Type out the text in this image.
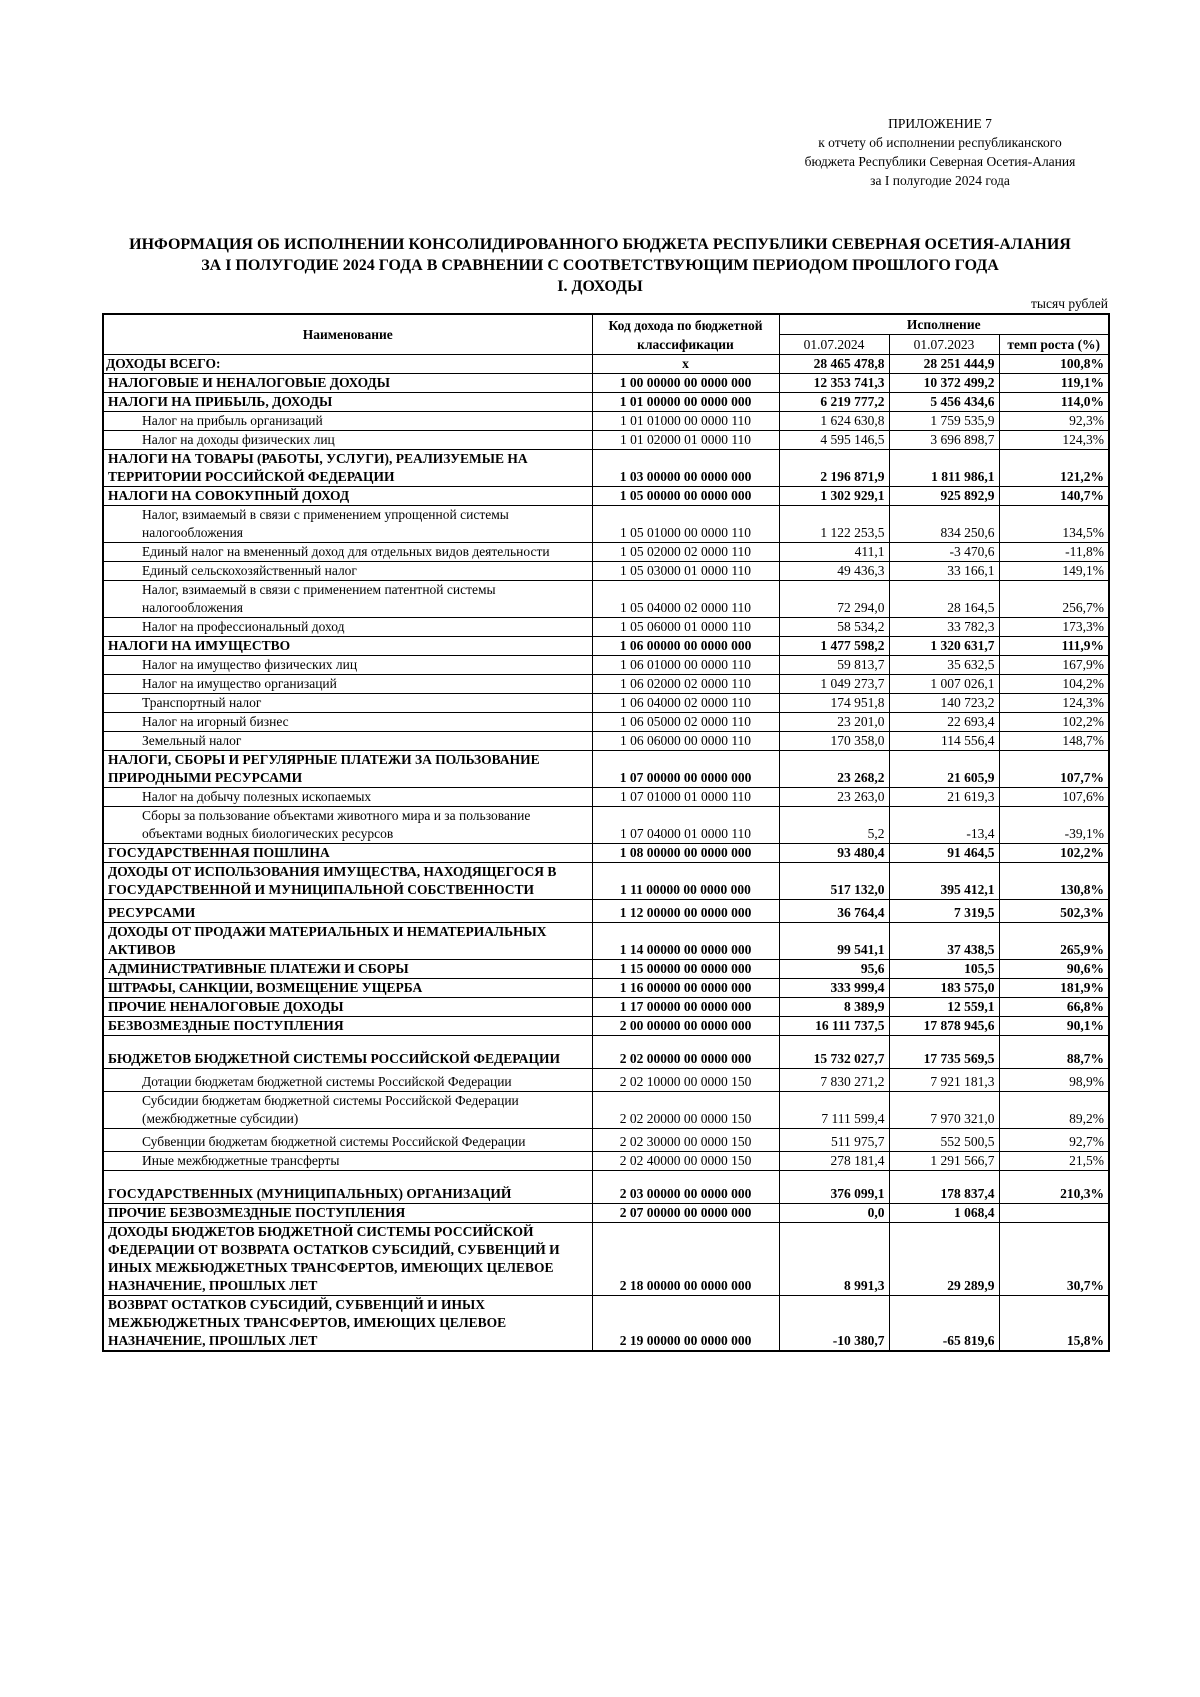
ПРИЛОЖЕНИЕ 7
к отчету об исполнении республиканского
бюджета Республики Северная Осетия-Алания
за I полугодие 2024 года
ИНФОРМАЦИЯ ОБ ИСПОЛНЕНИИ КОНСОЛИДИРОВАННОГО БЮДЖЕТА РЕСПУБЛИКИ СЕВЕРНАЯ ОСЕТИЯ-АЛАНИЯ
ЗА I ПОЛУГОДИЕ 2024 ГОДА В СРАВНЕНИИ С СООТВЕТСТВУЮЩИМ ПЕРИОДОМ ПРОШЛОГО ГОДА
I. ДОХОДЫ
тысяч рублей
Наименование	Код дохода по бюджетной классификации	Исполнение		
		01.07.2024	01.07.2023	темп роста (%)
ДОХОДЫ ВСЕГО:	x	28 465 478,8	28 251 444,9	100,8%
НАЛОГОВЫЕ И НЕНАЛОГОВЫЕ ДОХОДЫ	1 00 00000 00 0000 000	12 353 741,3	10 372 499,2	119,1%
НАЛОГИ НА ПРИБЫЛЬ, ДОХОДЫ	1 01 00000 00 0000 000	6 219 777,2	5 456 434,6	114,0%
Налог на прибыль организаций	1 01 01000 00 0000 110	1 624 630,8	1 759 535,9	92,3%
Налог на доходы физических лиц	1 01 02000 01 0000 110	4 595 146,5	3 696 898,7	124,3%
НАЛОГИ НА ТОВАРЫ (РАБОТЫ, УСЛУГИ), РЕАЛИЗУЕМЫЕ НА ТЕРРИТОРИИ РОССИЙСКОЙ ФЕДЕРАЦИИ	1 03 00000 00 0000 000	2 196 871,9	1 811 986,1	121,2%
НАЛОГИ НА СОВОКУПНЫЙ ДОХОД	1 05 00000 00 0000 000	1 302 929,1	925 892,9	140,7%
Налог, взимаемый в связи с применением упрощенной системы налогообложения	1 05 01000 00 0000 110	1 122 253,5	834 250,6	134,5%
Единый налог на вмененный доход для отдельных видов деятельности	1 05 02000 02 0000 110	411,1	-3 470,6	-11,8%
Единый сельскохозяйственный налог	1 05 03000 01 0000 110	49 436,3	33 166,1	149,1%
Налог, взимаемый в связи с применением патентной системы налогообложения	1 05 04000 02 0000 110	72 294,0	28 164,5	256,7%
Налог на профессиональный доход	1 05 06000 01 0000 110	58 534,2	33 782,3	173,3%
НАЛОГИ НА ИМУЩЕСТВО	1 06 00000 00 0000 000	1 477 598,2	1 320 631,7	111,9%
Налог на имущество физических лиц	1 06 01000 00 0000 110	59 813,7	35 632,5	167,9%
Налог на имущество организаций	1 06 02000 02 0000 110	1 049 273,7	1 007 026,1	104,2%
Транспортный налог	1 06 04000 02 0000 110	174 951,8	140 723,2	124,3%
Налог на игорный бизнес	1 06 05000 02 0000 110	23 201,0	22 693,4	102,2%
Земельный налог	1 06 06000 00 0000 110	170 358,0	114 556,4	148,7%
НАЛОГИ, СБОРЫ И РЕГУЛЯРНЫЕ ПЛАТЕЖИ ЗА ПОЛЬЗОВАНИЕ ПРИРОДНЫМИ РЕСУРСАМИ	1 07 00000 00 0000 000	23 268,2	21 605,9	107,7%
Налог на добычу полезных ископаемых	1 07 01000 01 0000 110	23 263,0	21 619,3	107,6%
Сборы за пользование объектами животного мира и за пользование объектами водных биологических ресурсов	1 07 04000 01 0000 110	5,2	-13,4	-39,1%
ГОСУДАРСТВЕННАЯ ПОШЛИНА	1 08 00000 00 0000 000	93 480,4	91 464,5	102,2%
ДОХОДЫ ОТ ИСПОЛЬЗОВАНИЯ ИМУЩЕСТВА, НАХОДЯЩЕГОСЯ В ГОСУДАРСТВЕННОЙ И МУНИЦИПАЛЬНОЙ СОБСТВЕННОСТИ	1 11 00000 00 0000 000	517 132,0	395 412,1	130,8%
РЕСУРСАМИ	1 12 00000 00 0000 000	36 764,4	7 319,5	502,3%
ДОХОДЫ ОТ ПРОДАЖИ МАТЕРИАЛЬНЫХ И НЕМАТЕРИАЛЬНЫХ АКТИВОВ	1 14 00000 00 0000 000	99 541,1	37 438,5	265,9%
АДМИНИСТРАТИВНЫЕ ПЛАТЕЖИ И СБОРЫ	1 15 00000 00 0000 000	95,6	105,5	90,6%
ШТРАФЫ, САНКЦИИ, ВОЗМЕЩЕНИЕ УЩЕРБА	1 16 00000 00 0000 000	333 999,4	183 575,0	181,9%
ПРОЧИЕ НЕНАЛОГОВЫЕ ДОХОДЫ	1 17 00000 00 0000 000	8 389,9	12 559,1	66,8%
БЕЗВОЗМЕЗДНЫЕ ПОСТУПЛЕНИЯ	2 00 00000 00 0000 000	16 111 737,5	17 878 945,6	90,1%
БЮДЖЕТОВ БЮДЖЕТНОЙ СИСТЕМЫ РОССИЙСКОЙ ФЕДЕРАЦИИ	2 02 00000 00 0000 000	15 732 027,7	17 735 569,5	88,7%
Дотации бюджетам бюджетной системы Российской Федерации	2 02 10000 00 0000 150	7 830 271,2	7 921 181,3	98,9%
Субсидии бюджетам бюджетной системы Российской Федерации (межбюджетные субсидии)	2 02 20000 00 0000 150	7 111 599,4	7 970 321,0	89,2%
Субвенции бюджетам бюджетной системы Российской Федерации	2 02 30000 00 0000 150	511 975,7	552 500,5	92,7%
Иные межбюджетные трансферты	2 02 40000 00 0000 150	278 181,4	1 291 566,7	21,5%
ГОСУДАРСТВЕННЫХ (МУНИЦИПАЛЬНЫХ) ОРГАНИЗАЦИЙ	2 03 00000 00 0000 000	376 099,1	178 837,4	210,3%
ПРОЧИЕ БЕЗВОЗМЕЗДНЫЕ ПОСТУПЛЕНИЯ	2 07 00000 00 0000 000	0,0	1 068,4	
ДОХОДЫ БЮДЖЕТОВ БЮДЖЕТНОЙ СИСТЕМЫ РОССИЙСКОЙ ФЕДЕРАЦИИ ОТ ВОЗВРАТА ОСТАТКОВ СУБСИДИЙ, СУБВЕНЦИЙ И ИНЫХ МЕЖБЮДЖЕТНЫХ ТРАНСФЕРТОВ, ИМЕЮЩИХ ЦЕЛЕВОЕ НАЗНАЧЕНИЕ, ПРОШЛЫХ ЛЕТ	2 18 00000 00 0000 000	8 991,3	29 289,9	30,7%
ВОЗВРАТ ОСТАТКОВ СУБСИДИЙ, СУБВЕНЦИЙ И ИНЫХ МЕЖБЮДЖЕТНЫХ ТРАНСФЕРТОВ, ИМЕЮЩИХ ЦЕЛЕВОЕ НАЗНАЧЕНИЕ, ПРОШЛЫХ ЛЕТ	2 19 00000 00 0000 000	-10 380,7	-65 819,6	15,8%
